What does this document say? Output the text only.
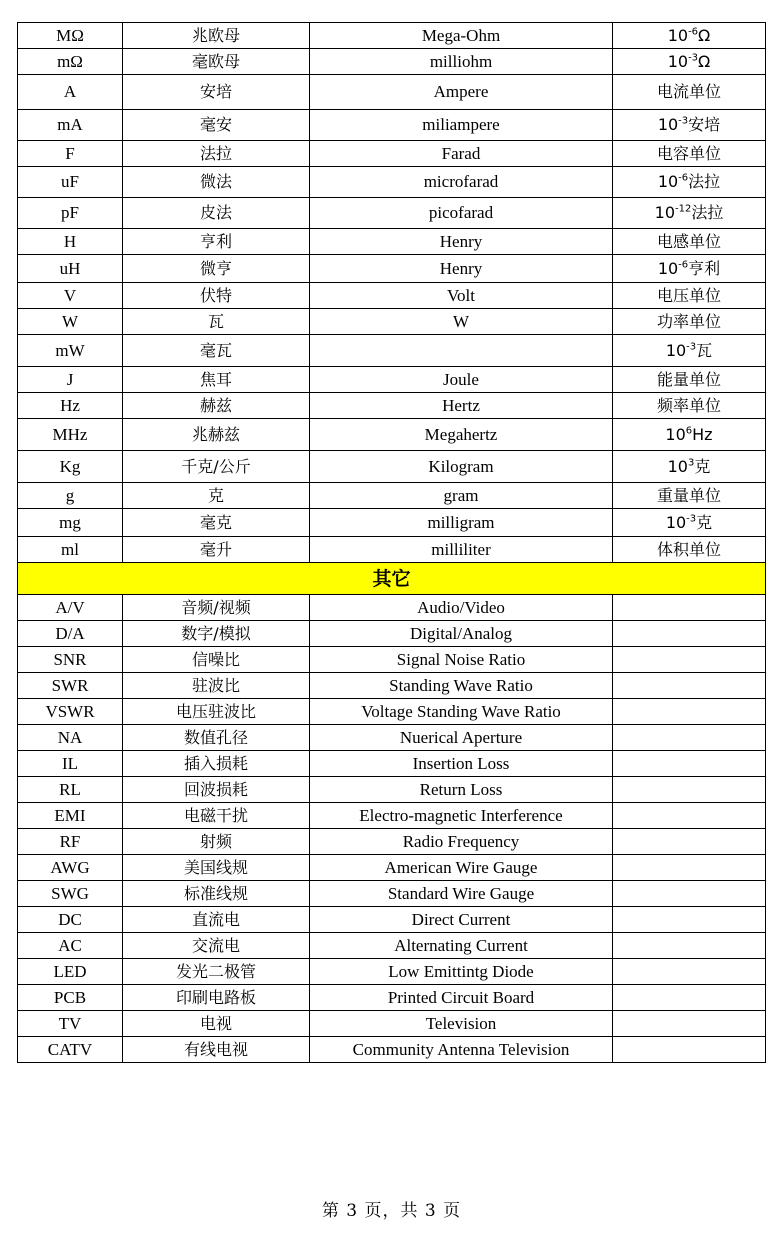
MΩ	兆欧母	Mega-Ohm	$10^{-6}\Omega$
mΩ	毫欧母	milliohm	$10^{-3}\Omega$
A	安培	Ampere	电流单位
mA	毫安	miliampere	$10^{-3}$安培
F	法拉	Farad	电容单位
uF	微法	microfarad	$10^{-6}$法拉
pF	皮法	picofarad	$10^{-12}$法拉
H	亨利	Henry	电感单位
uH	微亨	Henry	$10^{-6}$亨利
V	伏特	Volt	电压单位
W	瓦	W	功率单位
mW	毫瓦		$10^{-3}$瓦
J	焦耳	Joule	能量单位
Hz	赫兹	Hertz	频率单位
MHz	兆赫兹	Megahertz	$10^6Hz$
Kg	千克/公斤	Kilogram	$10^3$克
g	克	gram	重量单位
mg	毫克	milligram	$10^{-3}$克
ml	毫升	milliliter	体积单位
其它			
A/V	音频/视频	Audio/Video	
D/A	数字/模拟	Digital/Analog	
SNR	信噪比	Signal Noise Ratio	
SWR	驻波比	Standing Wave Ratio	
VSWR	电压驻波比	Voltage Standing Wave Ratio	
NA	数值孔径	Nuerical Aperture	
IL	插入损耗	Insertion Loss	
RL	回波损耗	Return Loss	
EMI	电磁干扰	Electro-magnetic Interference	
RF	射频	Radio Frequency	
AWG	美国线规	American Wire Gauge	
SWG	标准线规	Standard Wire Gauge	
DC	直流电	Direct Current	
AC	交流电	Alternating Current	
LED	发光二极管	Low Emittintg Diode	
PCB	印刷电路板	Printed Circuit Board	
TV	电视	Television	
CATV	有线电视	Community Antenna Television	
第 3 页，共 3 页
